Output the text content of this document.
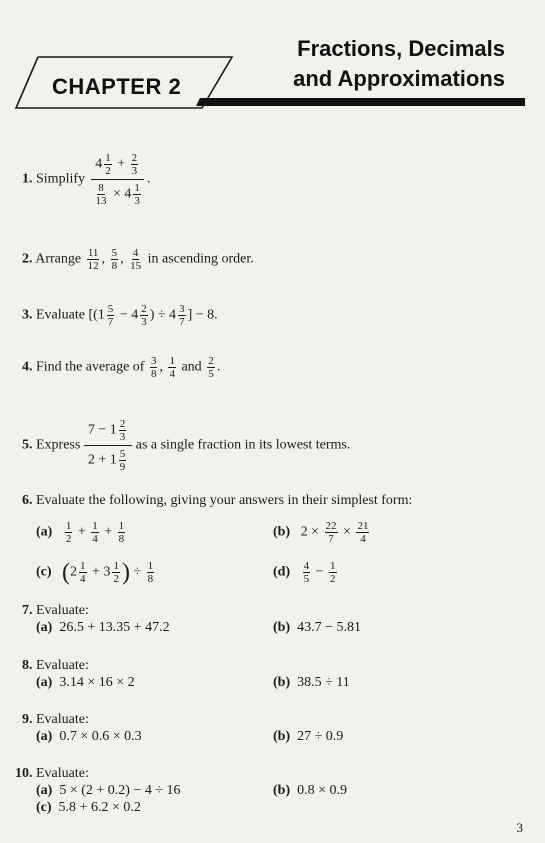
Fractions, Decimals
and Approximations
CHAPTER 2
1. Simplify $\frac{4 \frac{1}{2} + \frac{2}{3}}{\frac{8}{13} \times 4 \frac{1}{3}}$ .
2. Arrange $\frac{11}{12}$ , $\frac{5}{8}$ , $\frac{4}{15}$ in ascending order.
3. Evaluate [($1 \frac{5}{7} - 4 \frac{2}{3}$ ) ÷ $4 \frac{3}{7}$ ] − 8.
4. Find the average of $\frac{3}{8}$ , $\frac{1}{4}$ and $\frac{2}{5}$ .
5. Express $\frac{7 - 1 \frac{2}{3}}{2 + 1 \frac{5}{9}}$ as a single fraction in its lowest terms.
6. Evaluate the following, giving your answers in their simplest form:
$(a) \frac{1}{2} + \frac{1}{4} + \frac{1}{8}$	(b) $2 \times \frac{22}{7} \times \frac{21}{4}$
(c) ($2 \frac{1}{4} + 3 \frac{1}{2}$ ) ÷ $\frac{1}{8}$	$(d) \frac{4}{5} - \frac{1}{2}$
7. Evaluate:
(a) 26.5 + 13.35 + 47.2	(b) 43.7 − 5.81
8. Evaluate:
(a) 3.14 × 16 × 2	(b) 38.5 ÷ 11
9. Evaluate:
(a) 0.7 × 0.6 × 0.3	(b) 27 ÷ 0.9
10. Evaluate:
(a) 5 × (2 + 0.2) − 4 ÷ 16	(b) 0.8 × 0.9
(c) 5.8 + 6.2 × 0.2
3
